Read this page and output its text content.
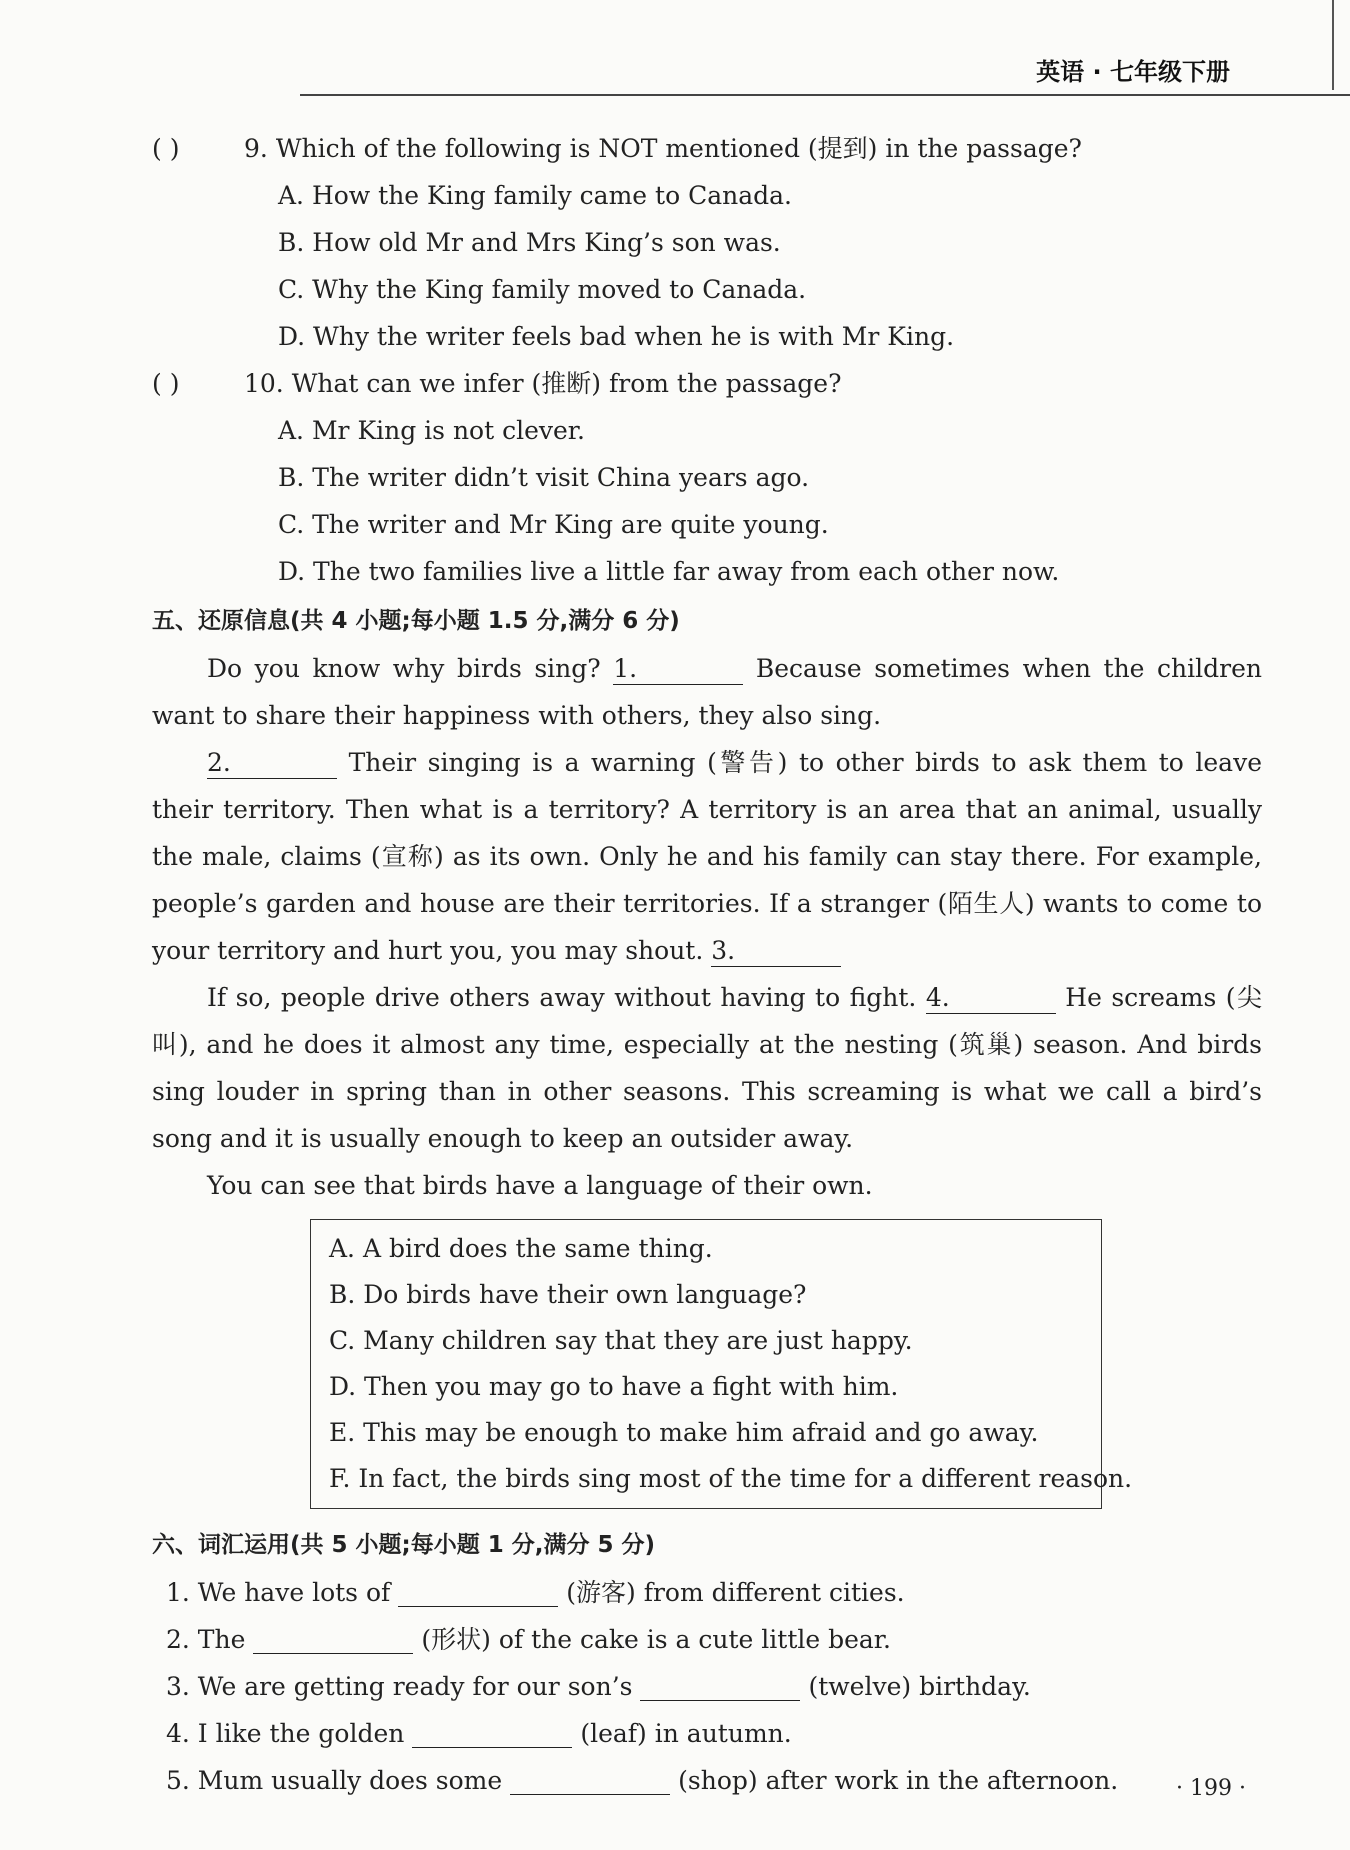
英语 · 七年级下册
( )	9. Which of the following is NOT mentioned (提到) in the passage?
A. How the King family came to Canada.
B. How old Mr and Mrs King’s son was.
C. Why the King family moved to Canada.
D. Why the writer feels bad when he is with Mr King.
( )	10. What can we infer (推断) from the passage?
A. Mr King is not clever.
B. The writer didn’t visit China years ago.
C. The writer and Mr King are quite young.
D. The two families live a little far away from each other now.
五、还原信息(共 4 小题;每小题 1.5 分,满分 6 分)
Do you know why birds sing? 1.	Because sometimes when the children want to share their happiness with others, they also sing.
2.	Their singing is a warning (警告) to other birds to ask them to leave their territory. Then what is a territory? A territory is an area that an animal, usually the male, claims (宣称) as its own. Only he and his family can stay there. For example, people’s garden and house are their territories. If a stranger (陌生人) wants to come to your territory and hurt you, you may shout. 3.
If so, people drive others away without having to fight. 4.	He screams (尖叫), and he does it almost any time, especially at the nesting (筑巢) season. And birds sing louder in spring than in other seasons. This screaming is what we call a bird’s song and it is usually enough to keep an outsider away.
You can see that birds have a language of their own.
A. A bird does the same thing.
B. Do birds have their own language?
C. Many children say that they are just happy.
D. Then you may go to have a fight with him.
E. This may be enough to make him afraid and go away.
F. In fact, the birds sing most of the time for a different reason.
六、词汇运用(共 5 小题;每小题 1 分,满分 5 分)
1. We have lots of	(游客) from different cities.
2. The	(形状) of the cake is a cute little bear.
3. We are getting ready for our son’s	(twelve) birthday.
4. I like the golden	(leaf) in autumn.
5. Mum usually does some	(shop) after work in the afternoon.	· 199 ·
